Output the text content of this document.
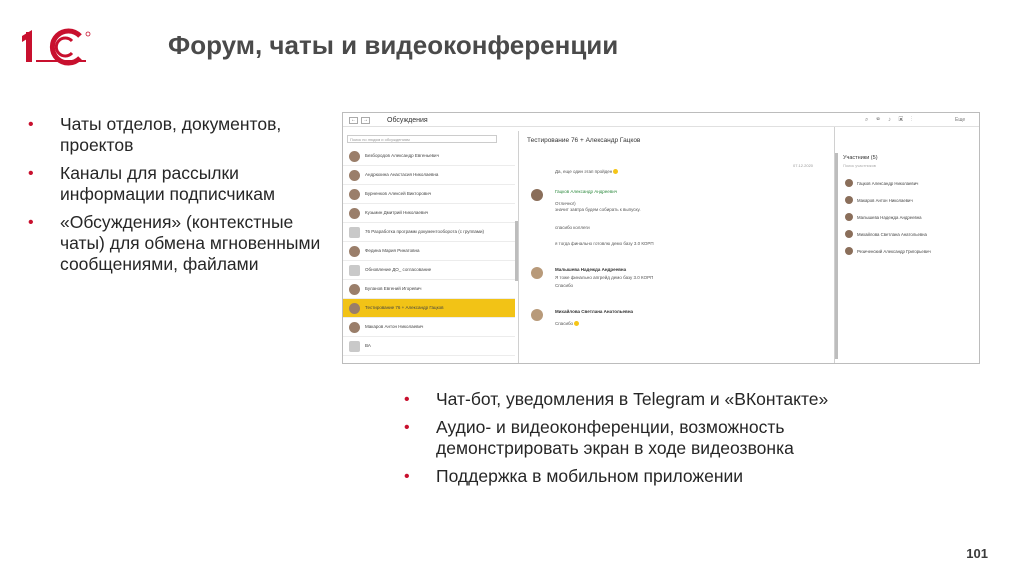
Форум, чаты и видеоконференции
• Чаты отделов, документов, проектов
• Каналы для рассылки информации подписчикам
• «Обсуждения» (контекстные чаты) для обмена мгновенными сообщениями, файлами
←	→	Обсуждения	⌕ ☎ ♪ ▣ ⋮	Еще
Поиск по людям и обсуждениям
Безбородов Александр Евгеньевич
Андрюхина Анастасия Николаевна
Бурненков Алексей Викторович
Кузьмин Дмитрий Николаевич
76 Разработка программ документооборота (с группами)
Федина Мария Ринатовна
Обновление ДО_ согласование
Буланов Евгений Игоревич
Тестирование 76 + Александр Гацков
Макаров Антон Николаевич
ВА
Тестирование 76 + Александр Гацков
07.12.2020
Да, еще один этап пройден
Гацков Александр Андреевич
Отлично!)
значит завтра будем собирать к выпуску.
спасибо коллеги
я тогда финально готовлю демо базу 3.0 КОРП
Малышева Надежда Андреевна
Я тоже финально апгрейд демо базу 3.0 КОРП
Спасибо
Михайлова Светлана Анатольевна
Спасибо
Участники (5)
Поиск участников
Гацков Александр Николаевич
Макаров Антон Николаевич
Малышева Надежда Андреевна
Михайлова Светлана Анатольевна
Резиченский Александр Григорьевич
• Чат-бот, уведомления в Telegram и «ВКонтакте»
• Аудио- и видеоконференции, возможность демонстрировать экран в ходе видеозвонка
• Поддержка в мобильном приложении
101
